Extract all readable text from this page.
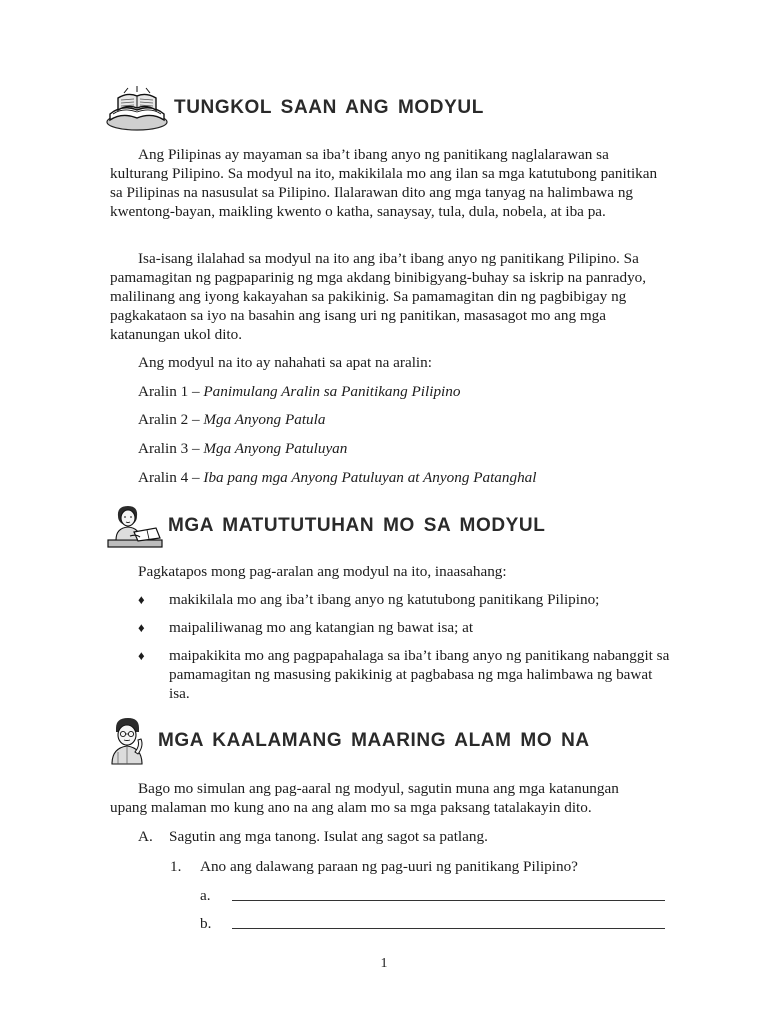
TUNGKOL SAAN ANG MODYUL

Ang Pilipinas ay mayaman sa iba’t ibang anyo ng panitikang naglalarawan sa kulturang Pilipino. Sa modyul na ito, makikilala mo ang ilan sa mga katutubong panitikan sa Pilipinas na nasusulat sa Pilipino. Ilalarawan dito ang mga tanyag na halimbawa ng kwentong-bayan, maikling kwento o katha, sanaysay, tula, dula, nobela, at iba pa.

Isa-isang ilalahad sa modyul na ito ang iba’t ibang anyo ng panitikang Pilipino. Sa pamamagitan ng pagpaparinig ng mga akdang binibigyang-buhay sa iskrip na panradyo, malilinang ang iyong kakayahan sa pakikinig. Sa pamamagitan din ng pagbibigay ng pagkakataon sa iyo na basahin ang isang uri ng panitikan, masasagot mo ang mga katanungan ukol dito.

Ang modyul na ito ay nahahati sa apat na aralin:

Aralin 1 – Panimulang Aralin sa Panitikang Pilipino

Aralin 2 – Mga Anyong Patula

Aralin 3 – Mga Anyong Patuluyan

Aralin 4 – Iba pang mga Anyong Patuluyan at Anyong Patanghal

MGA MATUTUTUHAN MO SA MODYUL

Pagkatapos mong pag-aralan ang modyul na ito, inaasahang:

♦ makikilala mo ang iba’t ibang anyo ng katutubong panitikang Pilipino;
♦ maipaliliwanag mo ang katangian ng bawat isa; at
♦ maipakikita mo ang pagpapahalaga sa iba’t ibang anyo ng panitikang nabanggit sa pamamagitan ng masusing pakikinig at pagbabasa ng mga halimbawa ng bawat isa.
MGA KAALAMANG MAARING ALAM MO NA

Bago mo simulan ang pag-aaral ng modyul, sagutin muna ang mga katanungan upang malaman mo kung ano na ang alam mo sa mga paksang tatalakayin dito.

A. Sagutin ang mga tanong. Isulat ang sagot sa patlang.
1. Ano ang dalawang paraan ng pag-uuri ng panitikang Pilipino?
a.
b.
1
